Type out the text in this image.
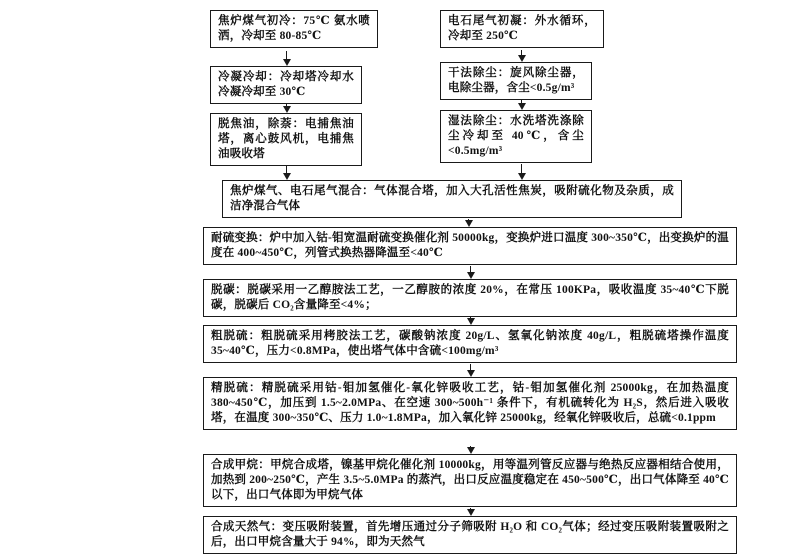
焦炉煤气初冷：75℃ 氨水喷洒，冷却至 80-85℃
冷凝冷却：冷却塔冷却水冷凝冷却至 30℃
脱焦油，除萘：电捕焦油塔，离心鼓风机，电捕焦油吸收塔
电石尾气初凝：外水循环，冷却至 250℃
干法除尘：旋风除尘器，电除尘器，含尘<0.5g/m³
湿法除尘：水洗塔洗涤除尘冷却至 40℃，含尘<0.5mg/m³
焦炉煤气、电石尾气混合：气体混合塔，加入大孔活性焦炭，吸附硫化物及杂质，成洁净混合气体
耐硫变换：炉中加入钴-钼宽温耐硫变换催化剂 50000kg，变换炉进口温度 300~350℃，出变换炉的温度在 400~450℃，列管式换热器降温至<40℃
脱碳：脱碳采用一乙醇胺法工艺，一乙醇胺的浓度 20%，在常压 100KPa，吸收温度 35~40℃下脱碳，脱碳后 CO₂含量降至<4%；
粗脱硫：粗脱硫采用栲胶法工艺，碳酸钠浓度 20g/L、氢氧化钠浓度 40g/L，粗脱硫塔操作温度 35~40℃，压力<0.8MPa，使出塔气体中含硫<100mg/m³
精脱硫：精脱硫采用钴-钼加氢催化-氧化锌吸收工艺，钴-钼加氢催化剂 25000kg，在加热温度 380~450℃，加压到 1.5~2.0MPa、在空速 300~500h⁻¹ 条件下，有机硫转化为 H₂S，然后进入吸收塔，在温度 300~350℃、压力 1.0~1.8MPa，加入氧化锌 25000kg，经氧化锌吸收后，总硫<0.1ppm
合成甲烷：甲烷合成塔，镍基甲烷化催化剂 10000kg，用等温列管反应器与绝热反应器相结合使用，加热到 200~250℃，产生 3.5~5.0MPa 的蒸汽，出口反应温度稳定在 450~500℃，出口气体降至 40℃以下，出口气体即为甲烷气体
合成天然气：变压吸附装置，首先增压通过分子筛吸附 H₂O 和 CO₂气体；经过变压吸附装置吸附之后，出口甲烷含量大于 94%，即为天然气
